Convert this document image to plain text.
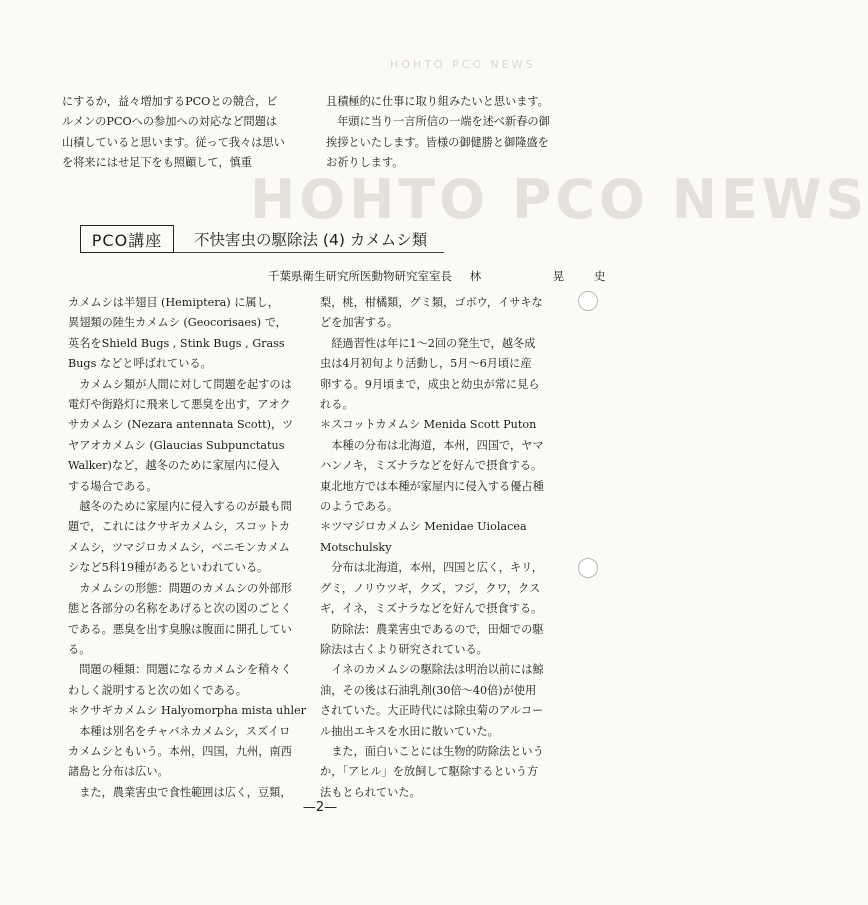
HOHTO PCO NEWS
HOHTO PCO NEWS

にするか，益々増加するPCOとの競合，ビ

ルメンのPCOへの参加への対応など問題は

山積していると思います。従って我々は思い

を将来にはせ足下をも照顧して，慎重

且積極的に仕事に取り組みたいと思います。

　年頭に当り一言所信の一端を述べ新春の御

挨拶といたします。皆様の御健勝と御隆盛を

お祈りします。

PCO講座	不快害虫の駆除法 (4) カメムシ類
千葉県衛生研究所医動物研究室室長 林　晃史

カメムシは半翅目 (Hemiptera) に属し，

異翅類の陸生カメムシ (Geocorisaes) で，

英名をShield Bugs , Stink Bugs , Grass

Bugs などと呼ばれている。

　カメムシ類が人間に対して問題を起すのは

電灯や街路灯に飛来して悪臭を出す，アオク

サカメムシ (Nezara antennata Scott)，ツ

ヤアオカメムシ (Glaucias Subpunctatus

Walker)など，越冬のために家屋内に侵入

する場合である。

　越冬のために家屋内に侵入するのが最も問

題で，これにはクサギカメムシ，スコットカ

メムシ，ツマジロカメムシ，ベニモンカメム

シなど5科19種があるといわれている。

　カメムシの形態：問題のカメムシの外部形

態と各部分の名称をあげると次の図のごとく

である。悪臭を出す臭腺は腹面に開孔してい

る。

　問題の種類：問題になるカメムシを稍々く

わしく説明すると次の如くである。

＊クサギカメムシ Halyomorpha mista uhler

　本種は別名をチャバネカメムシ，スズイロ

カメムシともいう。本州，四国，九州，南西

諸島と分布は広い。

　また，農業害虫で食性範囲は広く，豆類，

梨，桃，柑橘類，グミ類，ゴボウ，イサキな

どを加害する。

　経過習性は年に1〜2回の発生で，越冬成

虫は4月初旬より活動し，5月〜6月頃に産

卵する。9月頃まで，成虫と幼虫が常に見ら

れる。

＊スコットカメムシ Menida Scott Puton

　本種の分布は北海道，本州，四国で，ヤマ

ハンノキ，ミズナラなどを好んで摂食する。

東北地方では本種が家屋内に侵入する優占種

のようである。

＊ツマジロカメムシ Menidae Uiolacea

Motschulsky

　分布は北海道，本州，四国と広く，キリ，

グミ，ノリウツギ，クズ，フジ，クワ，クス

ギ，イネ，ミズナラなどを好んで摂食する。

　防除法：農業害虫であるので，田畑での駆

除法は古くより研究されている。

　イネのカメムシの駆除法は明治以前には鯨

油，その後は石油乳剤(30倍〜40倍)が使用

されていた。大正時代には除虫菊のアルコー

ル抽出エキスを水田に散いていた。

　また，面白いことには生物的防除法という

か，「アヒル」を放飼して駆除するという方

法もとられていた。

—2—
